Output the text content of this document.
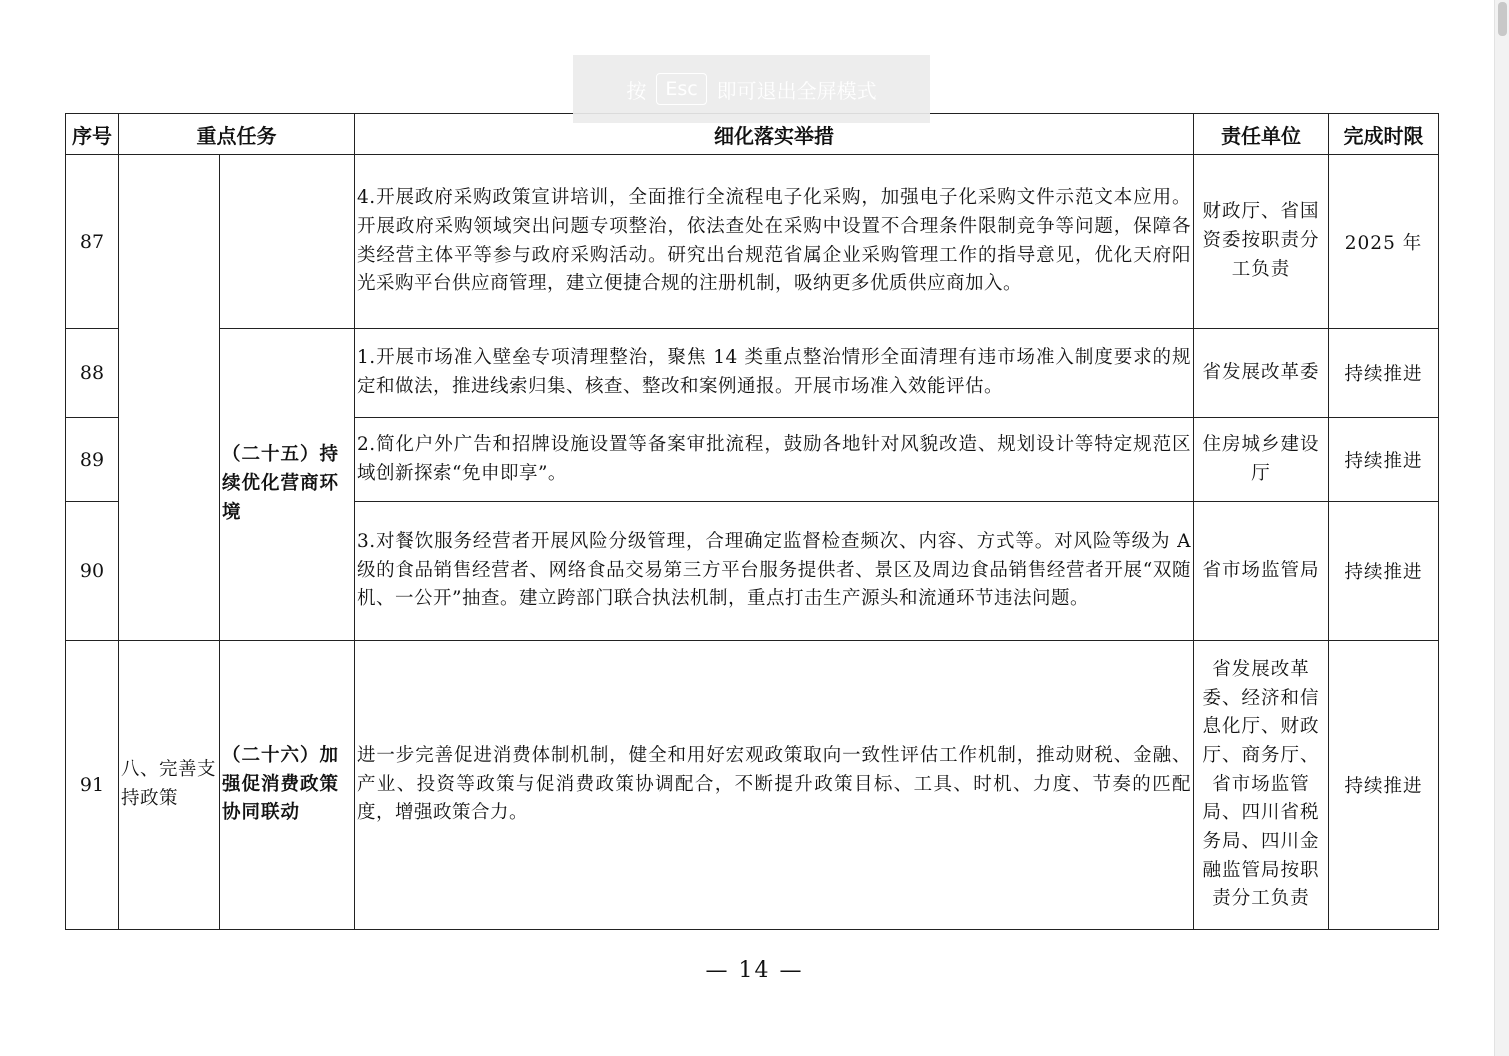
按	Esc 即可退出全屏模式
序号	重点任务		细化落实举措	责任单位	完成时限
87			4.开展政府采购政策宣讲培训，全面推行全流程电子化采购，加强电子化采购文件示范文本应用。开展政府采购领域突出问题专项整治，依法查处在采购中设置不合理条件限制竞争等问题，保障各类经营主体平等参与政府采购活动。研究出台规范省属企业采购管理工作的指导意见，优化天府阳光采购平台供应商管理，建立便捷合规的注册机制，吸纳更多优质供应商加入。	财政厅、省国资委按职责分工负责	2025 年
88		（二十五）持续优化营商环境	1.开展市场准入壁垒专项清理整治，聚焦 14 类重点整治情形全面清理有违市场准入制度要求的规定和做法，推进线索归集、核查、整改和案例通报。开展市场准入效能评估。	省发展改革委	持续推进
89			2.简化户外广告和招牌设施设置等备案审批流程，鼓励各地针对风貌改造、规划设计等特定规范区域创新探索“免申即享”。	住房城乡建设厅	持续推进
90			3.对餐饮服务经营者开展风险分级管理，合理确定监督检查频次、内容、方式等。对风险等级为 A 级的食品销售经营者、网络食品交易第三方平台服务提供者、景区及周边食品销售经营者开展“双随机、一公开”抽查。建立跨部门联合执法机制，重点打击生产源头和流通环节违法问题。	省市场监管局	持续推进
91	八、完善支持政策	（二十六）加强促消费政策协同联动	进一步完善促进消费体制机制，健全和用好宏观政策取向一致性评估工作机制，推动财税、金融、产业、投资等政策与促消费政策协调配合，不断提升政策目标、工具、时机、力度、节奏的匹配度，增强政策合力。	省发展改革委、经济和信息化厅、财政厅、商务厅、省市场监管局、四川省税务局、四川金融监管局按职责分工负责	持续推进
— 14 —
